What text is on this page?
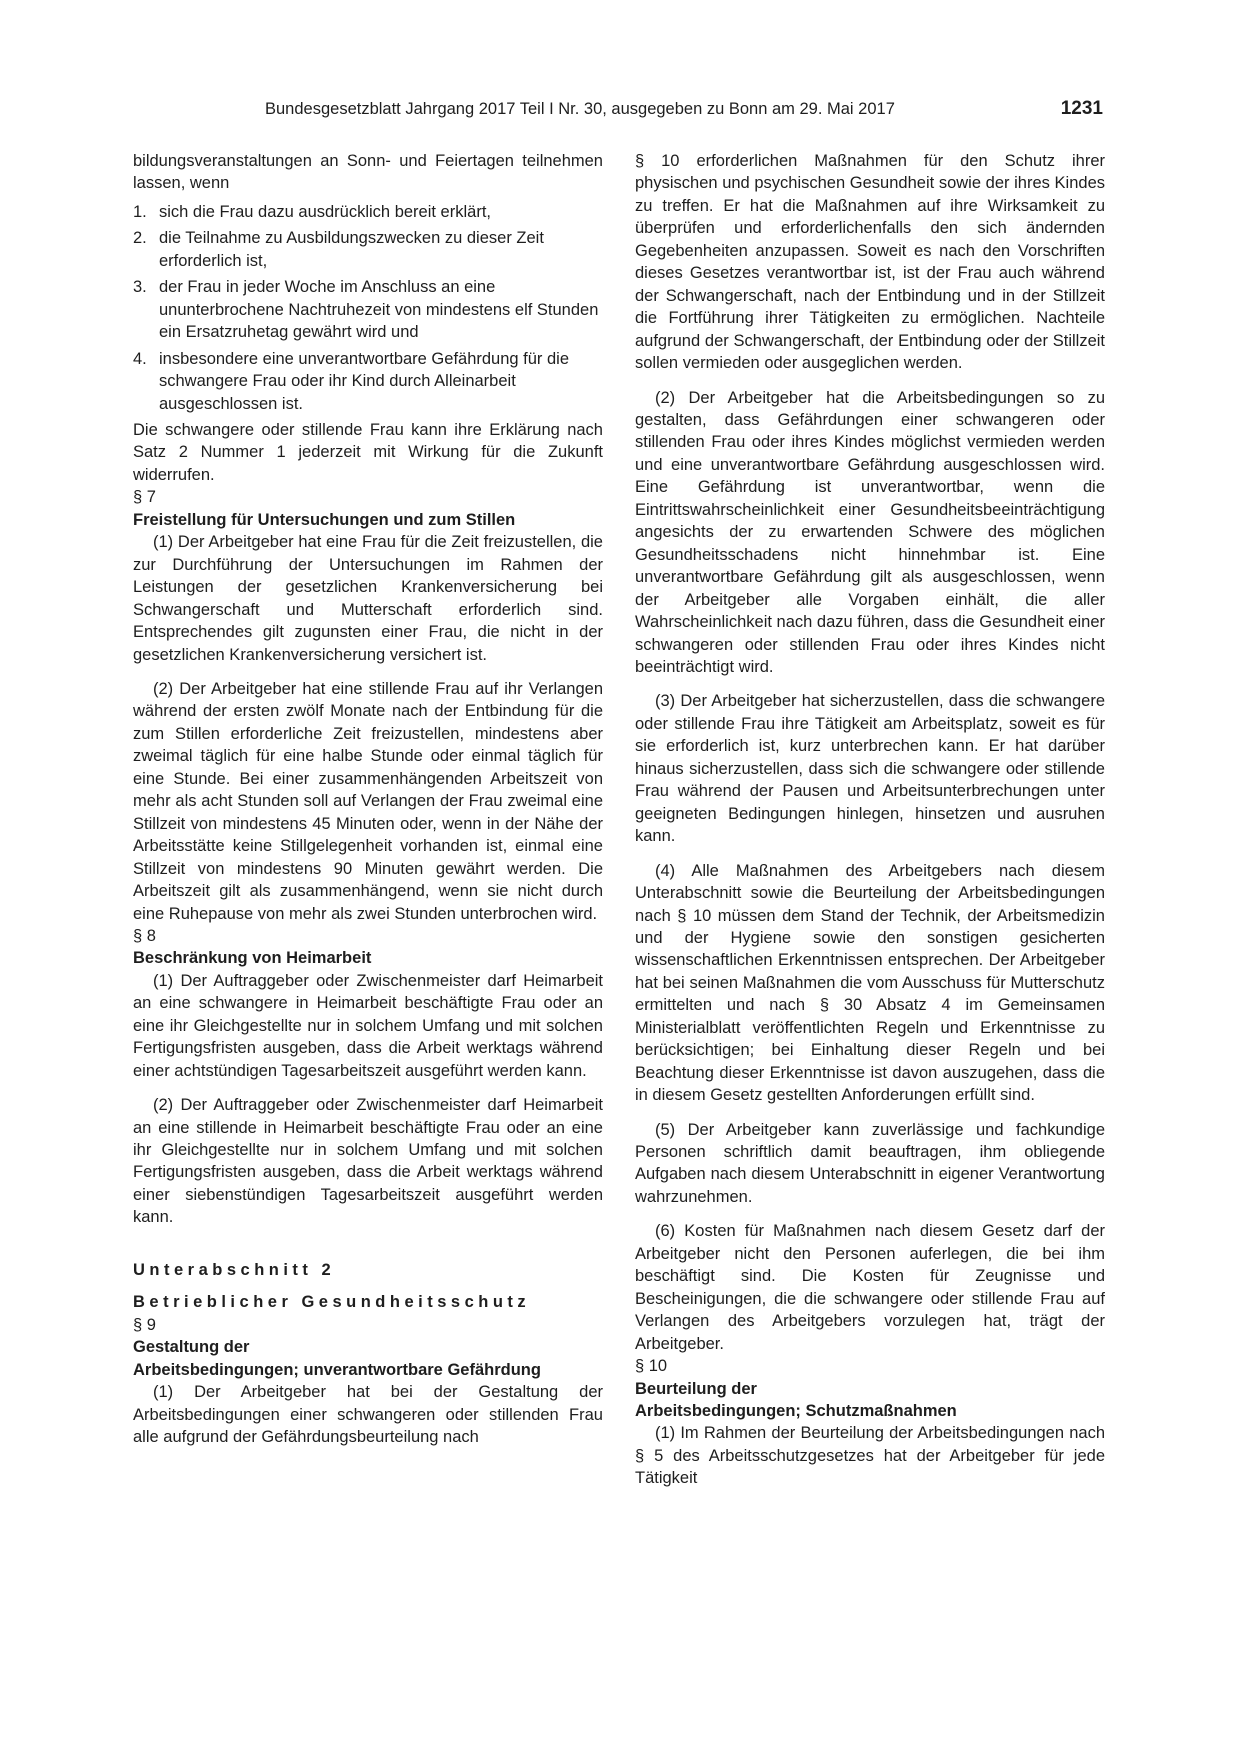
Bundesgesetzblatt Jahrgang 2017 Teil I Nr. 30, ausgegeben zu Bonn am 29. Mai 2017	1231

bildungsveranstaltungen an Sonn- und Feiertagen teilnehmen lassen, wenn

1. sich die Frau dazu ausdrücklich bereit erklärt,
2. die Teilnahme zu Ausbildungszwecken zu dieser Zeit erforderlich ist,
3. der Frau in jeder Woche im Anschluss an eine ununterbrochene Nachtruhezeit von mindestens elf Stunden ein Ersatzruhetag gewährt wird und
4. insbesondere eine unverantwortbare Gefährdung für die schwangere Frau oder ihr Kind durch Alleinarbeit ausgeschlossen ist.

Die schwangere oder stillende Frau kann ihre Erklärung nach Satz 2 Nummer 1 jederzeit mit Wirkung für die Zukunft widerrufen.

§ 7

Freistellung für Untersuchungen und zum Stillen

(1) Der Arbeitgeber hat eine Frau für die Zeit freizustellen, die zur Durchführung der Untersuchungen im Rahmen der Leistungen der gesetzlichen Krankenversicherung bei Schwangerschaft und Mutterschaft erforderlich sind. Entsprechendes gilt zugunsten einer Frau, die nicht in der gesetzlichen Krankenversicherung versichert ist.

(2) Der Arbeitgeber hat eine stillende Frau auf ihr Verlangen während der ersten zwölf Monate nach der Entbindung für die zum Stillen erforderliche Zeit freizustellen, mindestens aber zweimal täglich für eine halbe Stunde oder einmal täglich für eine Stunde. Bei einer zusammenhängenden Arbeitszeit von mehr als acht Stunden soll auf Verlangen der Frau zweimal eine Stillzeit von mindestens 45 Minuten oder, wenn in der Nähe der Arbeitsstätte keine Stillgelegenheit vorhanden ist, einmal eine Stillzeit von mindestens 90 Minuten gewährt werden. Die Arbeitszeit gilt als zusammenhängend, wenn sie nicht durch eine Ruhepause von mehr als zwei Stunden unterbrochen wird.

§ 8

Beschränkung von Heimarbeit

(1) Der Auftraggeber oder Zwischenmeister darf Heimarbeit an eine schwangere in Heimarbeit beschäftigte Frau oder an eine ihr Gleichgestellte nur in solchem Umfang und mit solchen Fertigungsfristen ausgeben, dass die Arbeit werktags während einer achtstündigen Tagesarbeitszeit ausgeführt werden kann.

(2) Der Auftraggeber oder Zwischenmeister darf Heimarbeit an eine stillende in Heimarbeit beschäftigte Frau oder an eine ihr Gleichgestellte nur in solchem Umfang und mit solchen Fertigungsfristen ausgeben, dass die Arbeit werktags während einer siebenstündigen Tagesarbeitszeit ausgeführt werden kann.

Unterabschnitt 2

Betrieblicher Gesundheitsschutz

§ 9

Gestaltung der

Arbeitsbedingungen; unverantwortbare Gefährdung

(1) Der Arbeitgeber hat bei der Gestaltung der Arbeitsbedingungen einer schwangeren oder stillenden Frau alle aufgrund der Gefährdungsbeurteilung nach

§ 10 erforderlichen Maßnahmen für den Schutz ihrer physischen und psychischen Gesundheit sowie der ihres Kindes zu treffen. Er hat die Maßnahmen auf ihre Wirksamkeit zu überprüfen und erforderlichenfalls den sich ändernden Gegebenheiten anzupassen. Soweit es nach den Vorschriften dieses Gesetzes verantwortbar ist, ist der Frau auch während der Schwangerschaft, nach der Entbindung und in der Stillzeit die Fortführung ihrer Tätigkeiten zu ermöglichen. Nachteile aufgrund der Schwangerschaft, der Entbindung oder der Stillzeit sollen vermieden oder ausgeglichen werden.

(2) Der Arbeitgeber hat die Arbeitsbedingungen so zu gestalten, dass Gefährdungen einer schwangeren oder stillenden Frau oder ihres Kindes möglichst vermieden werden und eine unverantwortbare Gefährdung ausgeschlossen wird. Eine Gefährdung ist unverantwortbar, wenn die Eintrittswahrscheinlichkeit einer Gesundheitsbeeinträchtigung angesichts der zu erwartenden Schwere des möglichen Gesundheitsschadens nicht hinnehmbar ist. Eine unverantwortbare Gefährdung gilt als ausgeschlossen, wenn der Arbeitgeber alle Vorgaben einhält, die aller Wahrscheinlichkeit nach dazu führen, dass die Gesundheit einer schwangeren oder stillenden Frau oder ihres Kindes nicht beeinträchtigt wird.

(3) Der Arbeitgeber hat sicherzustellen, dass die schwangere oder stillende Frau ihre Tätigkeit am Arbeitsplatz, soweit es für sie erforderlich ist, kurz unterbrechen kann. Er hat darüber hinaus sicherzustellen, dass sich die schwangere oder stillende Frau während der Pausen und Arbeitsunterbrechungen unter geeigneten Bedingungen hinlegen, hinsetzen und ausruhen kann.

(4) Alle Maßnahmen des Arbeitgebers nach diesem Unterabschnitt sowie die Beurteilung der Arbeitsbedingungen nach § 10 müssen dem Stand der Technik, der Arbeitsmedizin und der Hygiene sowie den sonstigen gesicherten wissenschaftlichen Erkenntnissen entsprechen. Der Arbeitgeber hat bei seinen Maßnahmen die vom Ausschuss für Mutterschutz ermittelten und nach § 30 Absatz 4 im Gemeinsamen Ministerialblatt veröffentlichten Regeln und Erkenntnisse zu berücksichtigen; bei Einhaltung dieser Regeln und bei Beachtung dieser Erkenntnisse ist davon auszugehen, dass die in diesem Gesetz gestellten Anforderungen erfüllt sind.

(5) Der Arbeitgeber kann zuverlässige und fachkundige Personen schriftlich damit beauftragen, ihm obliegende Aufgaben nach diesem Unterabschnitt in eigener Verantwortung wahrzunehmen.

(6) Kosten für Maßnahmen nach diesem Gesetz darf der Arbeitgeber nicht den Personen auferlegen, die bei ihm beschäftigt sind. Die Kosten für Zeugnisse und Bescheinigungen, die die schwangere oder stillende Frau auf Verlangen des Arbeitgebers vorzulegen hat, trägt der Arbeitgeber.

§ 10

Beurteilung der

Arbeitsbedingungen; Schutzmaßnahmen

(1) Im Rahmen der Beurteilung der Arbeitsbedingungen nach § 5 des Arbeitsschutzgesetzes hat der Arbeitgeber für jede Tätigkeit
